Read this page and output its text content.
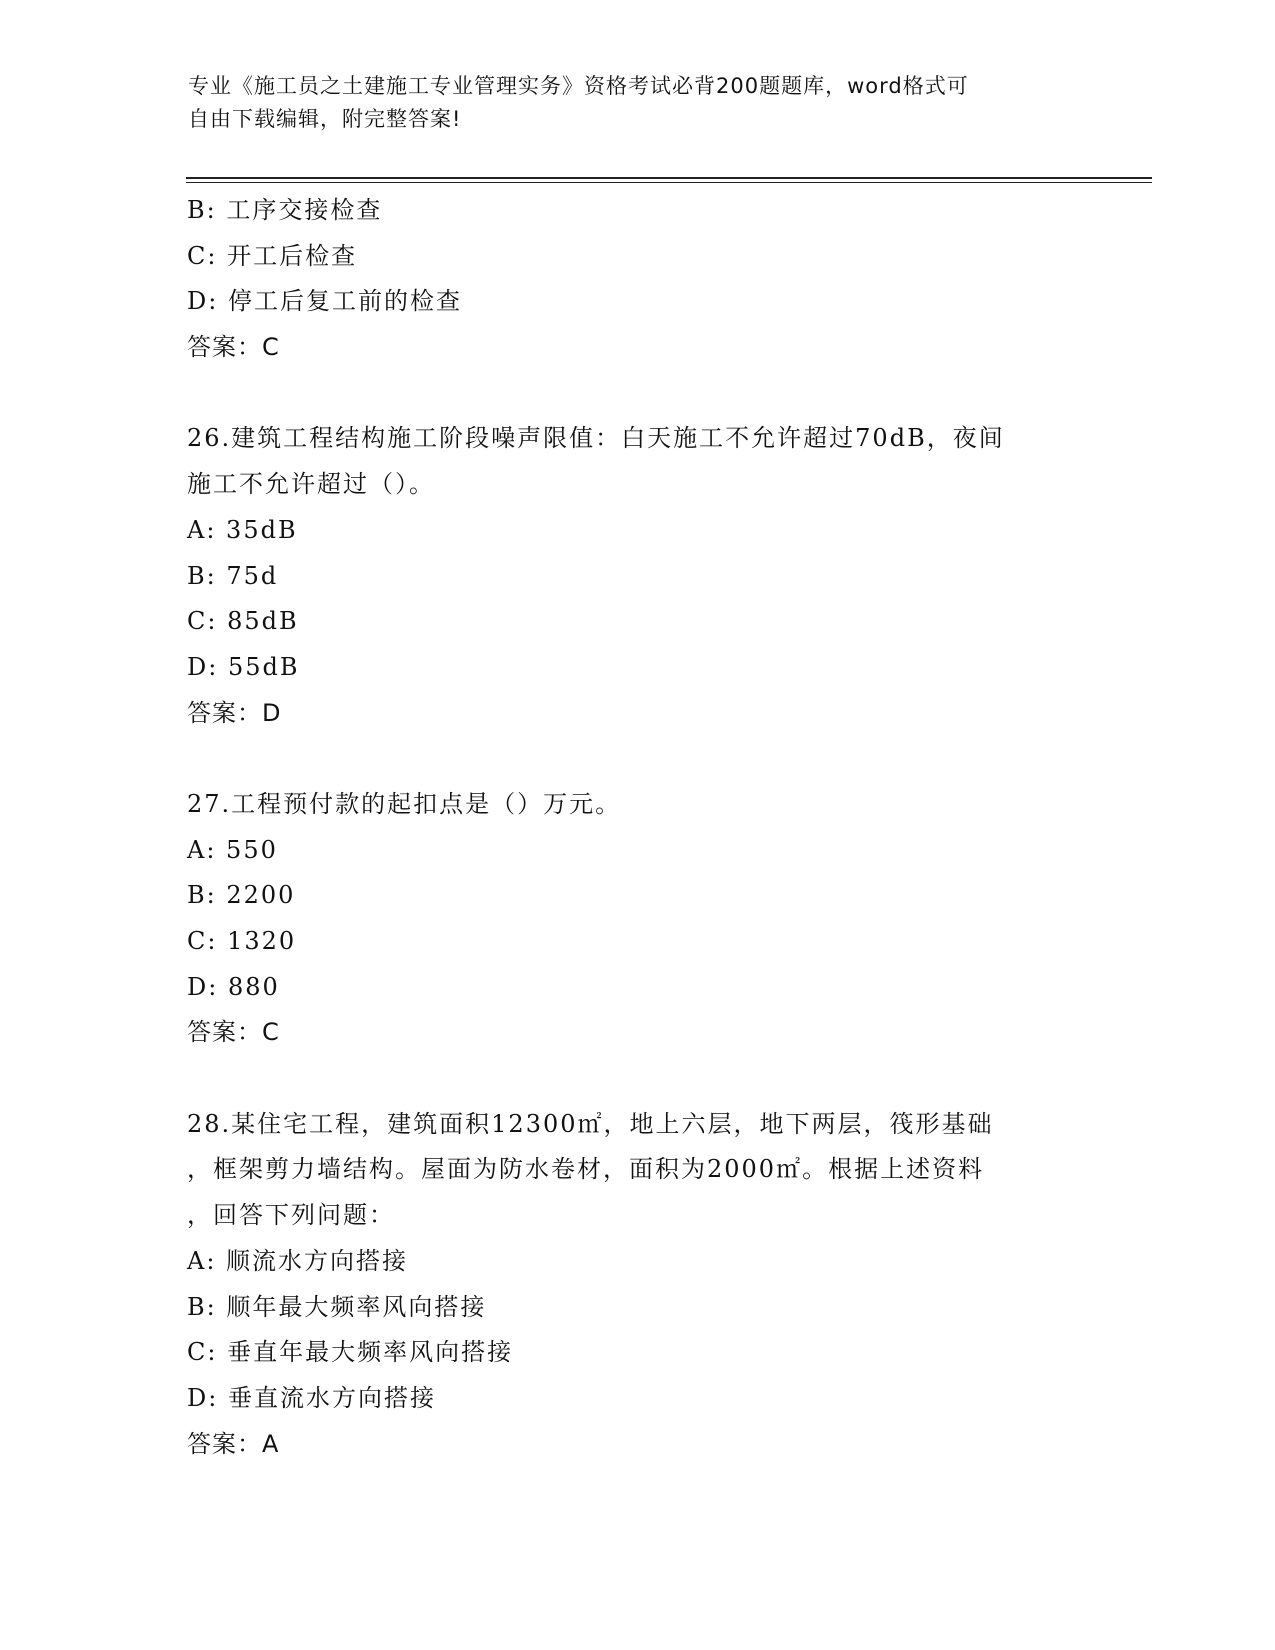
专业《施工员之土建施工专业管理实务》资格考试必背200题题库，word格式可
自由下载编辑，附完整答案!
B: 工序交接检查
C: 开工后检查
D: 停工后复工前的检查
答案：C
26.建筑工程结构施工阶段噪声限值：白天施工不允许超过70dB，夜间
施工不允许超过（）。
A: 35dB
B: 75d
C: 85dB
D: 55dB
答案：D
27.工程预付款的起扣点是（）万元。
A: 550
B: 2200
C: 1320
D: 880
答案：C
28.某住宅工程，建筑面积12300㎡，地上六层，地下两层，筏形基础
，框架剪力墙结构。屋面为防水卷材，面积为2000㎡。根据上述资料
，回答下列问题：
A: 顺流水方向搭接
B: 顺年最大频率风向搭接
C: 垂直年最大频率风向搭接
D: 垂直流水方向搭接
答案：A
